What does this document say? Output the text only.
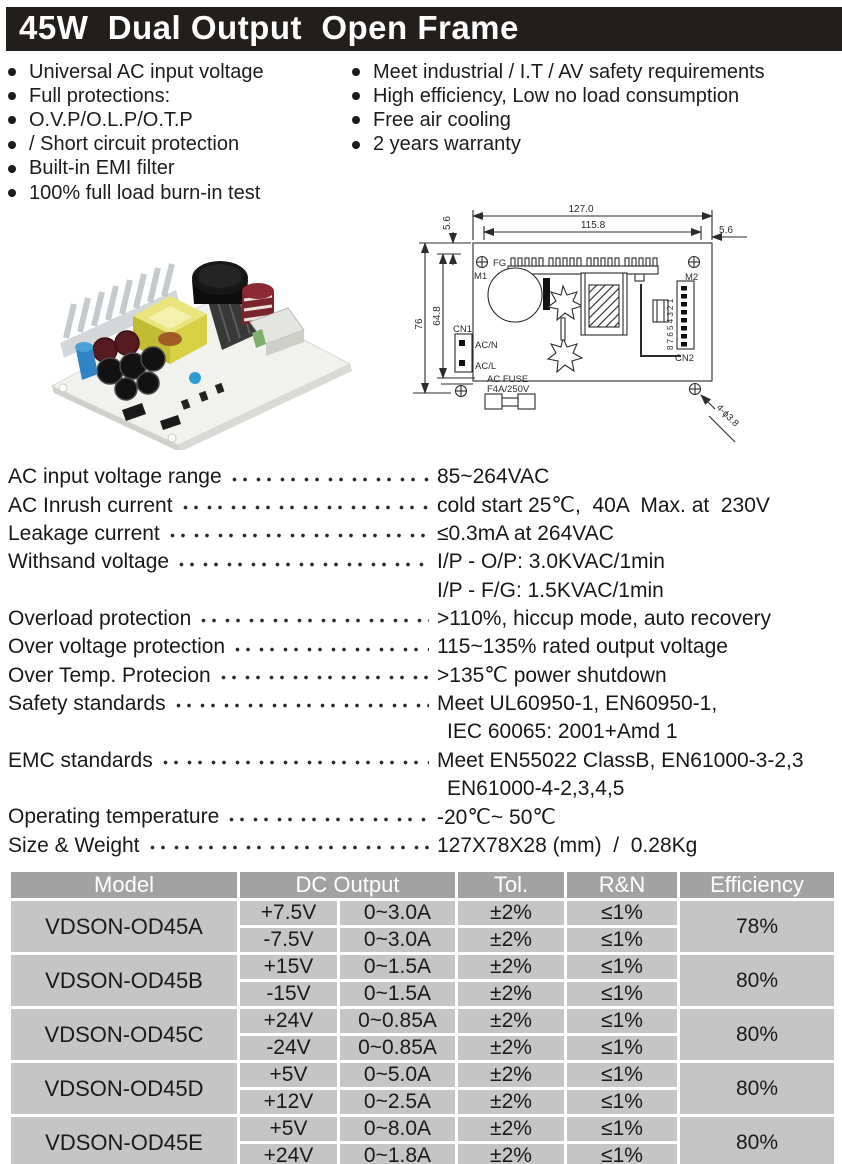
45W  Dual Output  Open Frame
Universal AC input voltage
Full protections:
O.V.P/O.L.P/O.T.P
/ Short circuit protection
Built-in EMI filter
100% full load burn-in test
Meet industrial / I.T / AV safety requirements
High efficiency, Low no load consumption
Free air cooling
2 years warranty
127.0
115.8	5.6
5.6
76 64.8
FG
M1	M2
CN1
AC/N
AC/L
AC FUSE
F4A/250V
CN2
8 7 6 5 4 3 2 1
4-ϕ3.8
AC input voltage range	85~264VAC
AC Inrush current	cold start 25℃,  40A  Max. at  230V
Leakage current	≤0.3mA at 264VAC
Withsand voltage	I/P - O/P: 3.0KVAC/1min
I/P - F/G: 1.5KVAC/1min
Overload protection	>110%, hiccup mode, auto recovery
Over voltage protection	115~135% rated output voltage
Over Temp. Protecion	>135℃ power shutdown
Safety standards	Meet UL60950-1, EN60950-1,
IEC 60065: 2001+Amd 1
EMC standards	Meet EN55022 ClassB, EN61000-3-2,3
EN61000-4-2,3,4,5
Operating temperature	-20℃~ 50℃
Size & Weight	127X78X28 (mm)  /  0.28Kg
Model	DC Output		Tol.	R&N	Efficiency
VDSON-OD45A	+7.5V	0~3.0A	±2%	≤1%	78%
	-7.5V	0~3.0A	±2%	≤1%	
VDSON-OD45B	+15V	0~1.5A	±2%	≤1%	80%
	-15V	0~1.5A	±2%	≤1%	
VDSON-OD45C	+24V	0~0.85A	±2%	≤1%	80%
	-24V	0~0.85A	±2%	≤1%	
VDSON-OD45D	+5V	0~5.0A	±2%	≤1%	80%
	+12V	0~2.5A	±2%	≤1%	
VDSON-OD45E	+5V	0~8.0A	±2%	≤1%	80%
	+24V	0~1.8A	±2%	≤1%	
